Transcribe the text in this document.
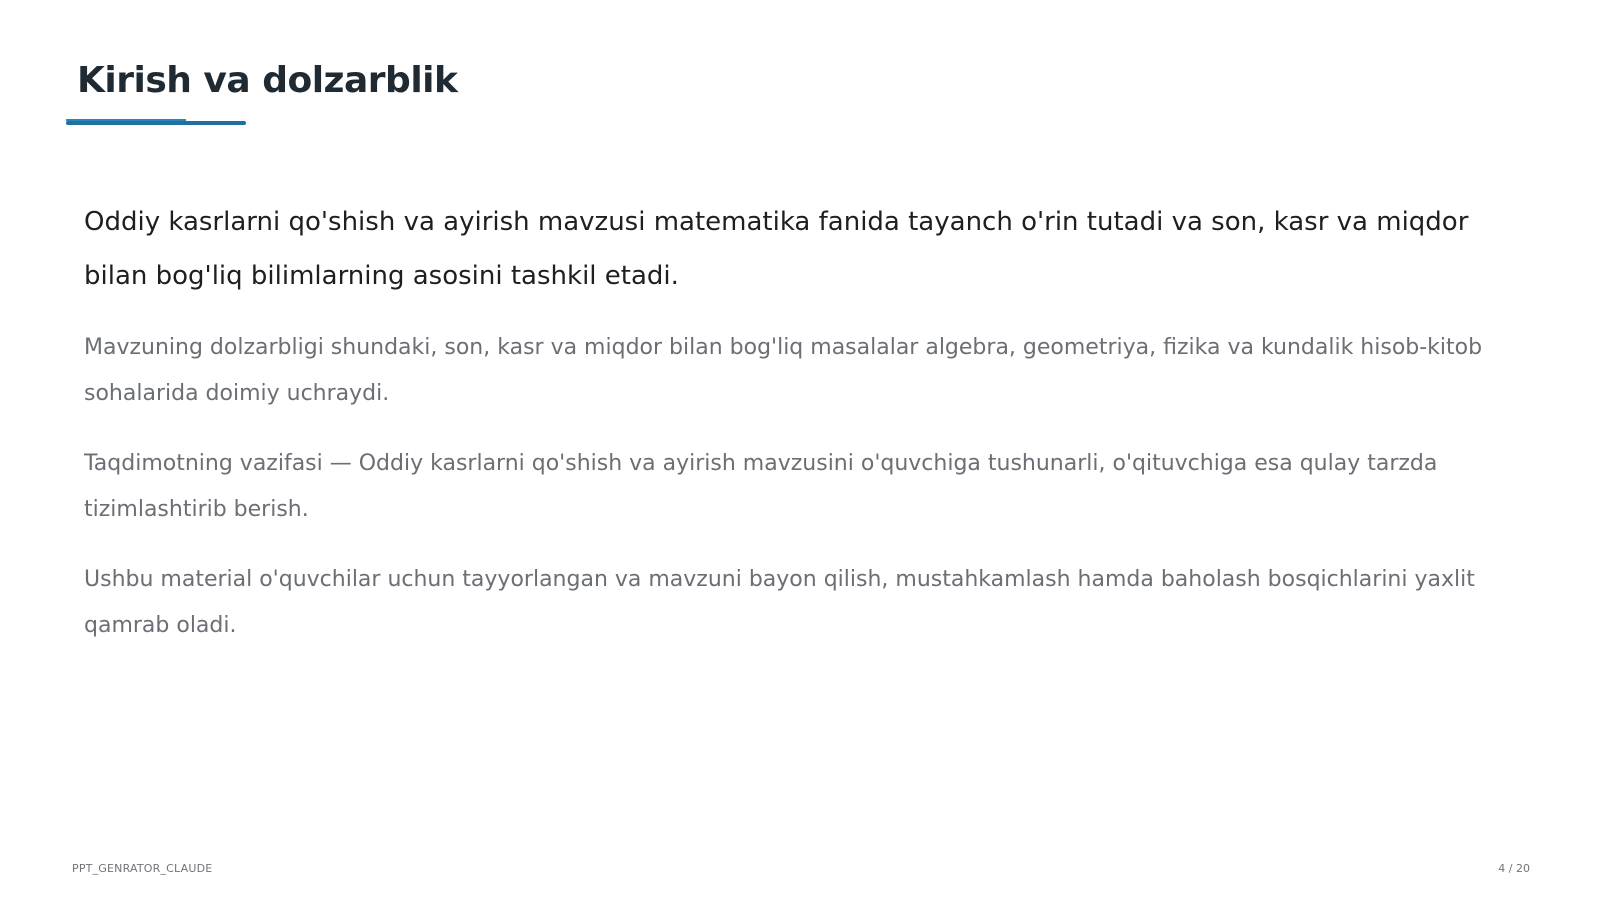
Kirish va dolzarblik

Oddiy kasrlarni qo'shish va ayirish mavzusi matematika fanida tayanch o'rin tutadi va son, kasr va miqdor bilan bog'liq bilimlarning asosini tashkil etadi.

Mavzuning dolzarbligi shundaki, son, kasr va miqdor bilan bog'liq masalalar algebra, geometriya, fizika va kundalik hisob-kitob sohalarida doimiy uchraydi.

Taqdimotning vazifasi — Oddiy kasrlarni qo'shish va ayirish mavzusini o'quvchiga tushunarli, o'qituvchiga esa qulay tarzda tizimlashtirib berish.

Ushbu material o'quvchilar uchun tayyorlangan va mavzuni bayon qilish, mustahkamlash hamda baholash bosqichlarini yaxlit qamrab oladi.

PPT_GENRATOR_CLAUDE	4 / 20
